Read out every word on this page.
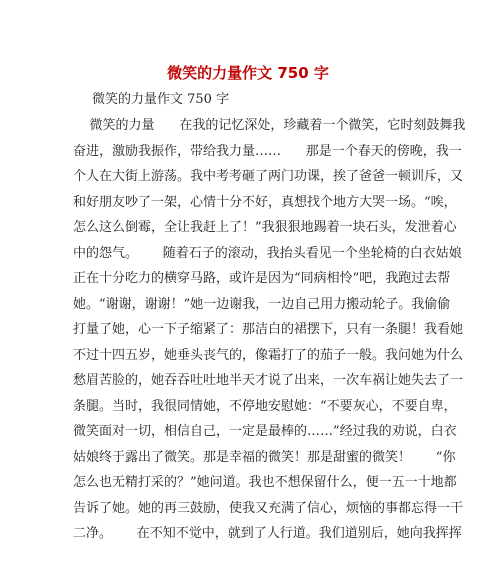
微笑的力量作文 750 字

微笑的力量作文 750 字

微笑的力量      在我的记忆深处，珍藏着一个微笑，它时刻鼓舞我
奋进，激励我振作，带给我力量……      那是一个春天的傍晚，我一
个人在大街上游荡。我中考考砸了两门功课，挨了爸爸一顿训斥，又
和好朋友吵了一架，心情十分不好，真想找个地方大哭一场。“唉，
怎么这么倒霉，全让我赶上了！”我狠狠地踢着一块石头，发泄着心
中的怨气。      随着石子的滚动，我抬头看见一个坐轮椅的白衣姑娘
正在十分吃力的横穿马路，或许是因为“同病相怜”吧，我跑过去帮
她。“谢谢，谢谢！”她一边谢我，一边自己用力搬动轮子。我偷偷
打量了她，心一下子缩紧了：那洁白的裙摆下，只有一条腿！我看她
不过十四五岁，她垂头丧气的，像霜打了的茄子一般。我问她为什么
愁眉苦脸的，她吞吞吐吐地半天才说了出来，一次车祸让她失去了一
条腿。当时，我很同情她，不停地安慰她：“不要灰心，不要自卑，
微笑面对一切，相信自己，一定是最棒的……”经过我的劝说，白衣
姑娘终于露出了微笑。那是幸福的微笑！那是甜蜜的微笑！      “你
怎么也无精打采的？”她问道。我也不想保留什么，便一五一十地都
告诉了她。她的再三鼓励，使我又充满了信心，烦恼的事都忘得一干
二净。      在不知不觉中，就到了人行道。我们道别后，她向我挥挥
